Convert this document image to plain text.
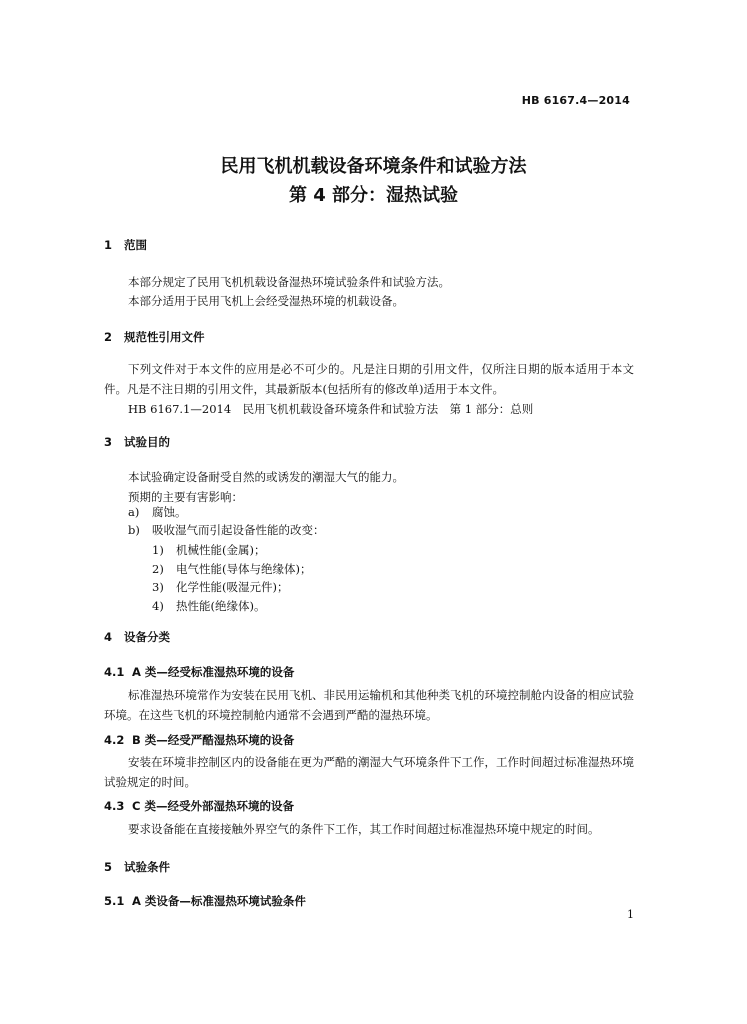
HB 6167.4—2014
民用飞机机载设备环境条件和试验方法
第 4 部分：湿热试验
1 范围
本部分规定了民用飞机机载设备湿热环境试验条件和试验方法。
本部分适用于民用飞机上会经受湿热环境的机载设备。
2 规范性引用文件
下列文件对于本文件的应用是必不可少的。凡是注日期的引用文件，仅所注日期的版本适用于本文件。凡是不注日期的引用文件，其最新版本(包括所有的修改单)适用于本文件。
HB 6167.1—2014　民用飞机机载设备环境条件和试验方法　第 1 部分：总则
3 试验目的
本试验确定设备耐受自然的或诱发的潮湿大气的能力。
预期的主要有害影响：
a) 腐蚀。
b) 吸收湿气而引起设备性能的改变：
1) 机械性能(金属)；
2) 电气性能(导体与绝缘体)；
3) 化学性能(吸湿元件)；
4) 热性能(绝缘体)。
4 设备分类
4.1 A 类—经受标准湿热环境的设备
标准湿热环境常作为安装在民用飞机、非民用运输机和其他种类飞机的环境控制舱内设备的相应试验环境。在这些飞机的环境控制舱内通常不会遇到严酷的湿热环境。
4.2 B 类—经受严酷湿热环境的设备
安装在环境非控制区内的设备能在更为严酷的潮湿大气环境条件下工作，工作时间超过标准湿热环境试验规定的时间。
4.3 C 类—经受外部湿热环境的设备
要求设备能在直接接触外界空气的条件下工作，其工作时间超过标准湿热环境中规定的时间。
5 试验条件
5.1 A 类设备—标准湿热环境试验条件
1
